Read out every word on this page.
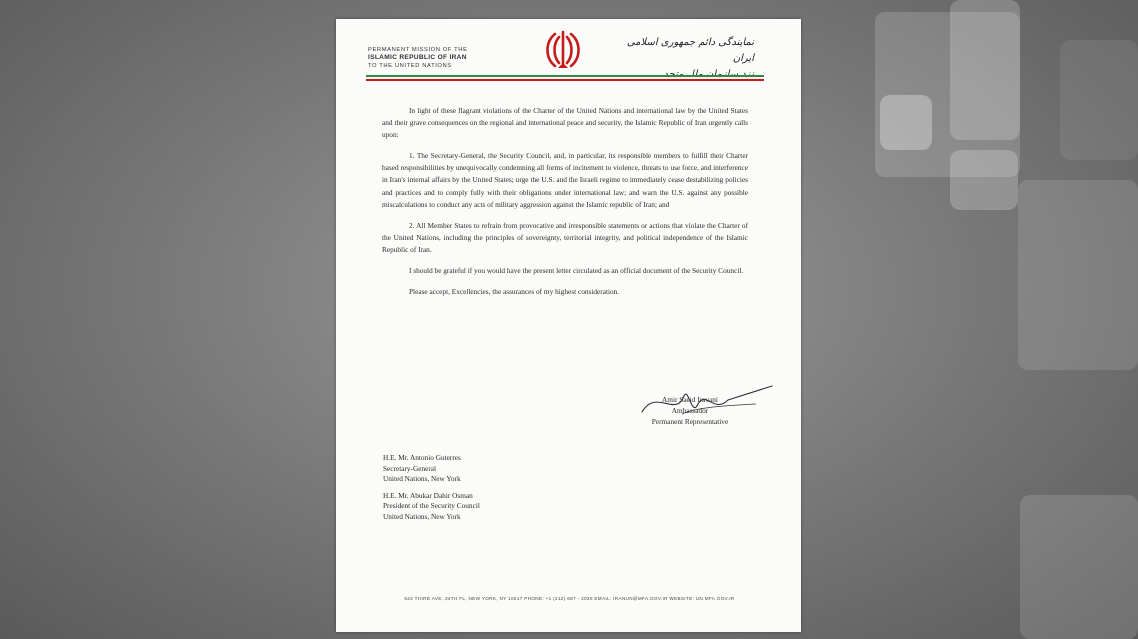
PERMANENT MISSION OF THE
ISLAMIC REPUBLIC OF IRAN
TO THE UNITED NATIONS
نمایندگی دائم جمهوری اسلامی ایران

In light of these flagrant violations of the Charter of the United Nations and international law by the United States and their grave consequences on the regional and international peace and security, the Islamic Republic of Iran urgently calls upon:

1. The Secretary-General, the Security Council, and, in particular, its responsible members to fulfill their Charter based responsibilities by unequivocally condemning all forms of incitement to violence, threats to use force, and interference in Iran's internal affairs by the United States; urge the U.S. and the Israeli regime to immediately cease destabilizing policies and practices and to comply fully with their obligations under international law; and warn the U.S. against any possible miscalculations to conduct any acts of military aggression against the Islamic republic of Iran; and

2. All Member States to refrain from provocative and irresponsible statements or actions that violate the Charter of the United Nations, including the principles of sovereignty, territorial integrity, and political independence of the Islamic Republic of Iran.

I should be grateful if you would have the present letter circulated as an official document of the Security Council.

Please accept, Excellencies, the assurances of my highest consideration.

Amir Saeid Iravani
Ambassador
Permanent Representative
H.E. Mr. Antonio Guterres
Secretary-General
United Nations, New York
H.E. Mr. Abukar Dahir Osman
President of the Security Council
United Nations, New York
622 THIRD AVE, 34TH FL, NEW YORK, NY 10017 PHONE: +1 (212) 687 - 2020 EMAIL: IRANUN@MFA.GOV.IR WEBSITE: UN.MFA.GOV.IR
